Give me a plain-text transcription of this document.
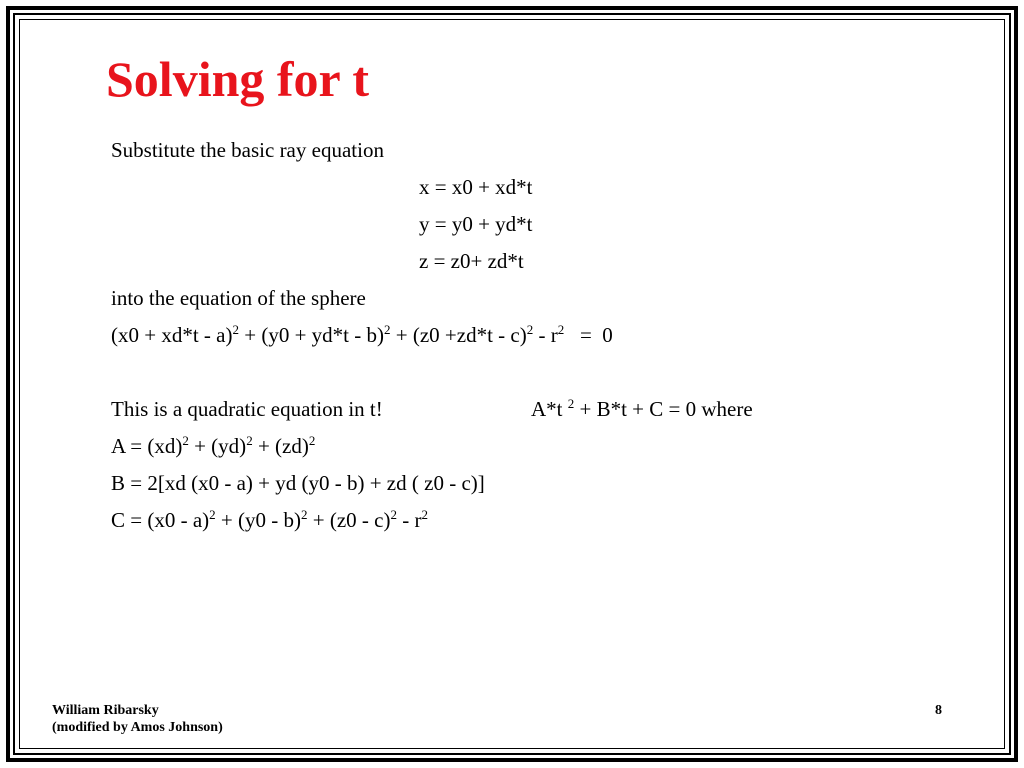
Solving for t
Substitute the basic ray equation
x = x0 + xd*t
y = y0 + yd*t
z = z0+ zd*t
into the equation of the sphere
$(x0 + xd*t - a)^2 + (y0 + yd*t - b)^2 + (z0 +zd*t - c)^2 - r^2 = 0$
This is a quadratic equation in t!	A*t $^2$ + B*t + C = 0 where
A = (xd)$^2$ + (yd)$^2$ + (zd)$^2$
B = 2[xd (x0 - a) + yd (y0 - b) + zd ( z0 - c)]
$C = (x0 - a)^2 + (y0 - b)^2 + (z0 - c)^2 - r^2$
William Ribarsky
(modified by Amos Johnson)
8
